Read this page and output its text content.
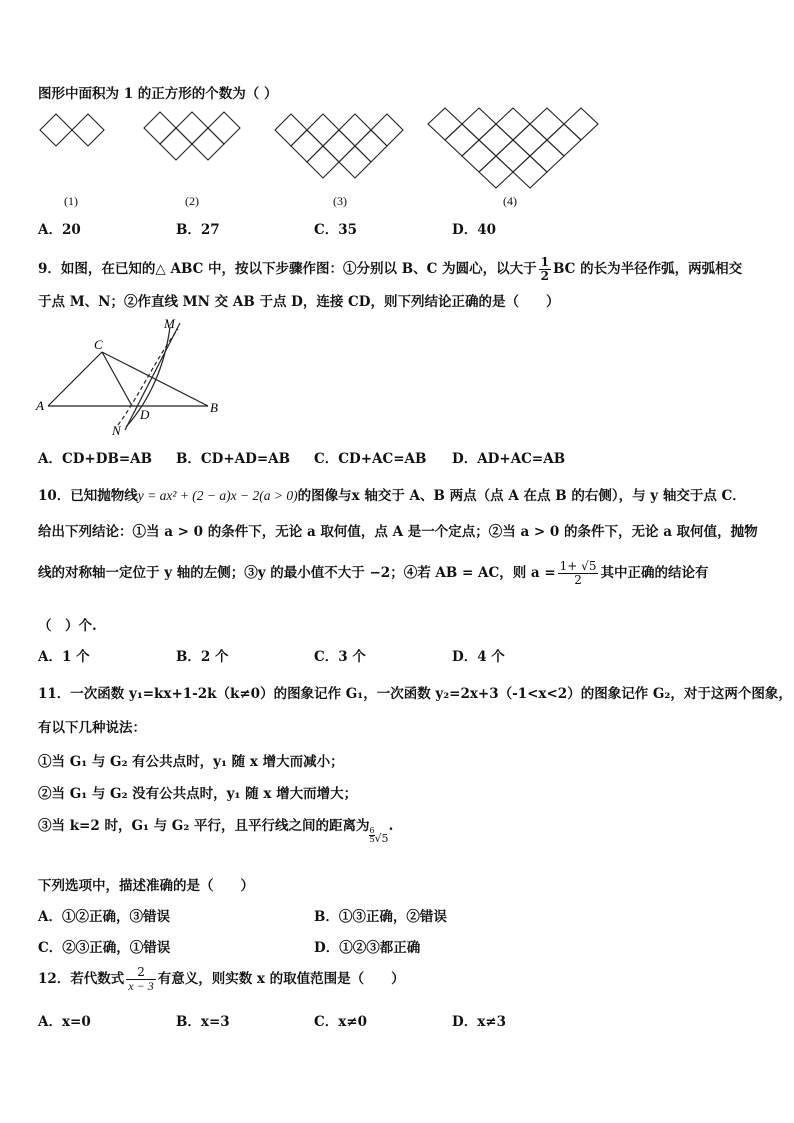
图形中面积为 1 的正方形的个数为（ ）
(1)	(2)	(3)	(4)
A．20	B．27	C．35	D．40
9．如图，在已知的△ ABC 中，按以下步骤作图：①分别以 B、C 为圆心，以大于 $\frac{1}{2}$ BC 的长为半径作弧，两弧相交
于点 M、N；②作直线 MN 交 AB 于点 D，连接 CD，则下列结论正确的是（　　）
M
C
A
D	B
N
A．CD+DB=AB B．CD+AD=AB C．CD+AC=AB D．AD+AC=AB
10．已知抛物线y = ax² + (2 − a)x − 2(a > 0)的图像与x 轴交于 A、B 两点（点 A 在点 B 的右侧），与 y 轴交于点 C．
给出下列结论：①当 a > 0 的条件下，无论 a 取何值，点 A 是一个定点；②当 a > 0 的条件下，无论 a 取何值，抛物
线的对称轴一定位于 y 轴的左侧；③y 的最小值不大于 −2；④若 AB = AC，则 $a = \frac{1+ √5}{2}$ 其中正确的结论有
（　）个.
A．1 个	B．2 个	C．3 个	D．4 个
11．一次函数 y₁=kx+1-2k（k≠0）的图象记作 G₁，一次函数 y₂=2x+3（-1<x<2）的图象记作 G₂，对于这两个图象，
有以下几种说法：
①当 G₁ 与 G₂ 有公共点时，y₁ 随 x 增大而减小；
②当 G₁ 与 G₂ 没有公共点时，y₁ 随 x 增大而增大；
③当 k=2 时，G₁ 与 G₂ 平行，且平行线之间的距离为
$\frac{6}{5} _{√5}$.
下列选项中，描述准确的是（　　）
A．①②正确，③错误	B．①③正确，②错误
C．②③正确，①错误	D．①②③都正确
12．若代数式 $\frac{2}{x - 3}$ 有意义，则实数 x 的取值范围是（　　）
A．x=0	B．x=3	C．x≠0	D．x≠3
